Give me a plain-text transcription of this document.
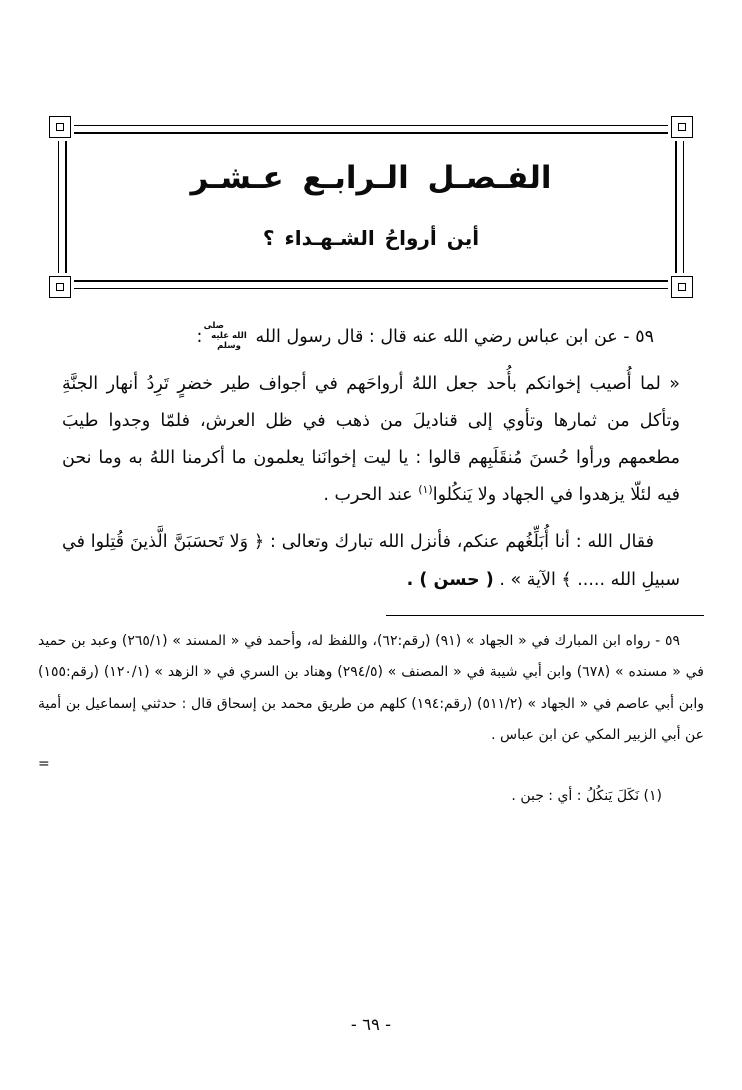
الفـصـل الـرابـع عـشـر
أين أرواحُ الشـهـداء ؟

٥٩ - عن ابن عباس رضي الله عنه قال : قال رسول الله صلى الله عليه وسلم :

« لما أُصيب إخوانكم بأُحد جعل اللهُ أرواحَهم في أجواف طير خضرٍ تَرِدُ أنهار الجنَّةِ وتأكل من ثمارها وتأوي إلى قناديلَ من ذهب في ظل العرش، فلمّا وجدوا طيبَ مطعمهم ورأوا حُسنَ مُنقَلَبِهم قالوا : يا ليت إخوانَنا يعلمون ما أكرمنا اللهُ به وما نحن فيه لئلّا يزهدوا في الجهاد ولا يَنكُلوا$^{(١)}$ عند الحرب .

فقال الله : أنا أُبَلِّغُهم عنكم، فأنزل الله تبارك وتعالى : ﴿ وَلا تَحسَبَنَّ الَّذينَ قُتِلوا في سبيلِ الله ..... ﴾ الآية » . ( حسن ) .

٥٩ - رواه ابن المبارك في « الجهاد » (٩١) (رقم:٦٢)، واللفظ له، وأحمد في « المسند » (٢٦٥/١) وعبد بن حميد في « مسنده » (٦٧٨) وابن أبي شيبة في « المصنف » (٢٩٤/٥) وهناد بن السري في « الزهد » (١٢٠/١) (رقم:١٥٥) وابن أبي عاصم في « الجهاد » (٥١١/٢) (رقم:١٩٤) كلهم من طريق محمد بن إسحاق قال : حدثني إسماعيل بن أمية عن أبي الزبير المكي عن ابن عباس .

=

(١) نَكَلَ يَنكُلُ : أي : جبن .

- ٦٩ -
